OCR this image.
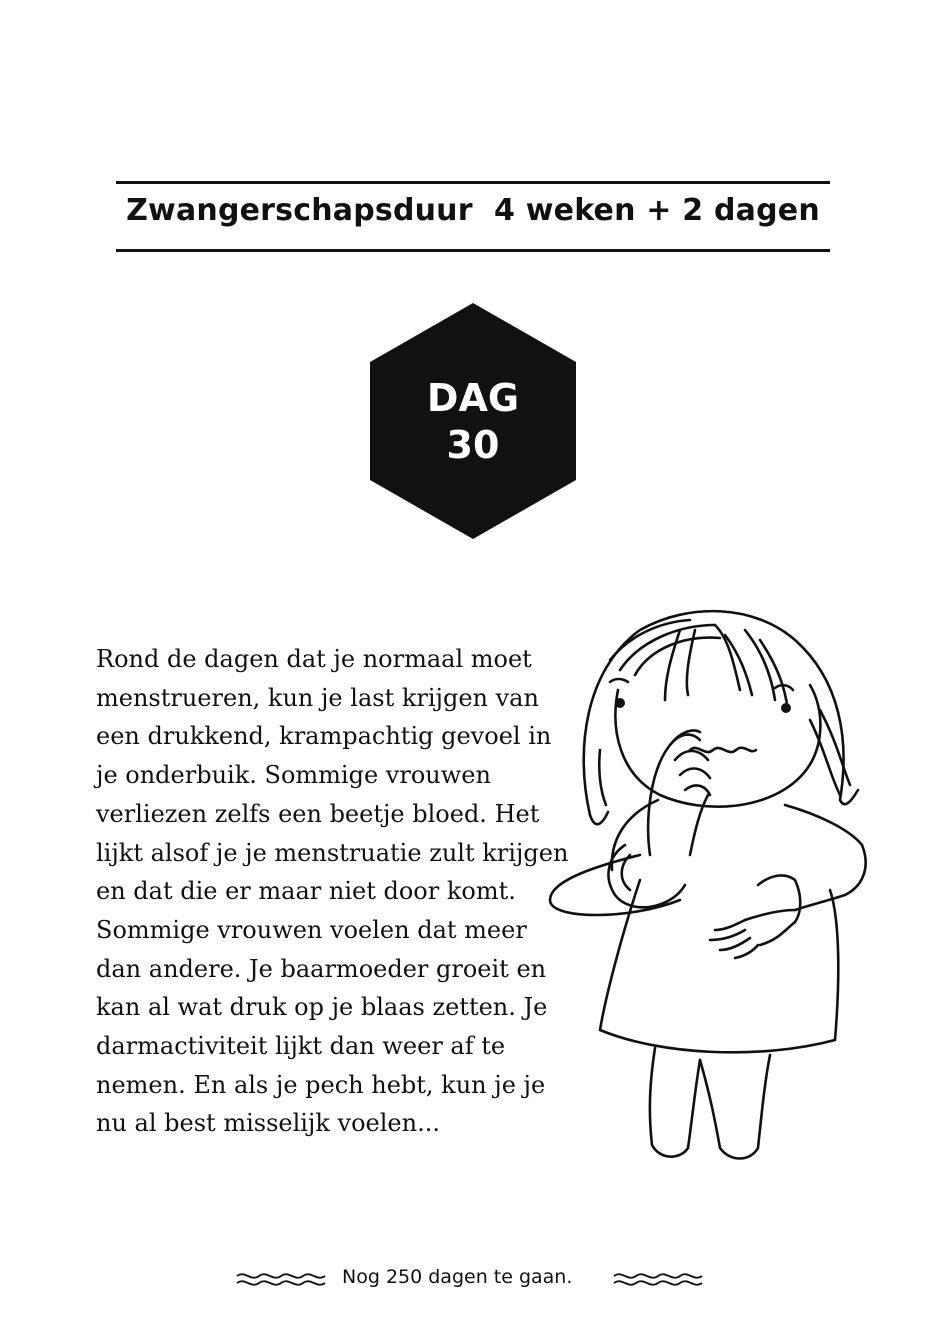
Zwangerschapsduur  4 weken + 2 dagen
DAG
30
Rond de dagen dat je normaal moet
menstrueren, kun je last krijgen van
een drukkend, krampachtig gevoel in
je onderbuik. Sommige vrouwen
verliezen zelfs een beetje bloed. Het
lijkt alsof je je menstruatie zult krijgen
en dat die er maar niet door komt.
Sommige vrouwen voelen dat meer
dan andere. Je baarmoeder groeit en
kan al wat druk op je blaas zetten. Je
darmactiviteit lijkt dan weer af te
nemen. En als je pech hebt, kun je je
nu al best misselijk voelen...
Nog 250 dagen te gaan.
